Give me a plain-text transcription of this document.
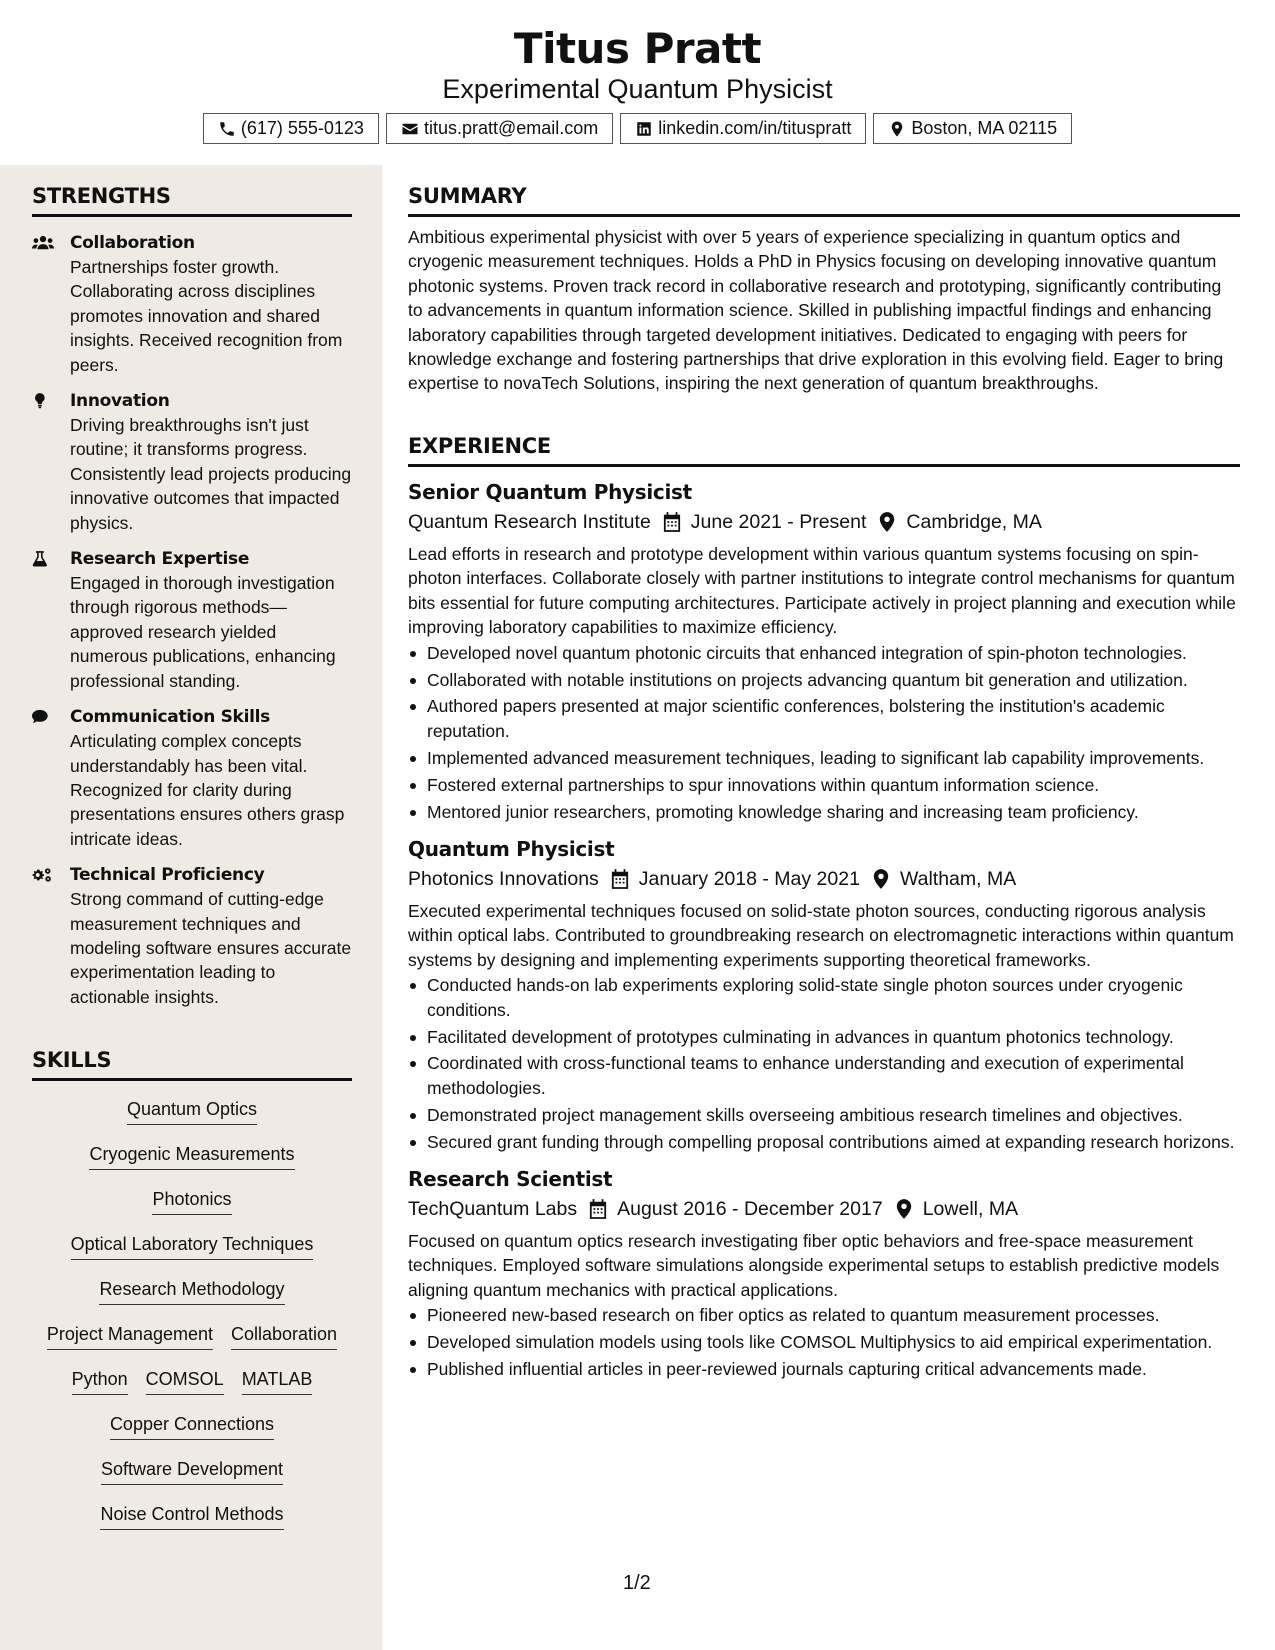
Titus Pratt
Experimental Quantum Physicist
(617) 555-0123	titus.pratt@email.com	linkedin.com/in/tituspratt	Boston, MA 02115
STRENGTHS
Collaboration
Partnerships foster growth. Collaborating across disciplines promotes innovation and shared insights. Received recognition from peers.
Innovation
Driving breakthroughs isn't just routine; it transforms progress. Consistently lead projects producing innovative outcomes that impacted physics.
Research Expertise
Engaged in thorough investigation through rigorous methods—approved research yielded numerous publications, enhancing professional standing.
Communication Skills
Articulating complex concepts understandably has been vital. Recognized for clarity during presentations ensures others grasp intricate ideas.
Technical Proficiency
Strong command of cutting-edge measurement techniques and modeling software ensures accurate experimentation leading to actionable insights.
SKILLS
Quantum Optics
Cryogenic Measurements
Photonics
Optical Laboratory Techniques
Research Methodology
Project Management Collaboration
Python COMSOL MATLAB
Copper Connections
Software Development
Noise Control Methods
SUMMARY

Ambitious experimental physicist with over 5 years of experience specializing in quantum optics and cryogenic measurement techniques. Holds a PhD in Physics focusing on developing innovative quantum photonic systems. Proven track record in collaborative research and prototyping, significantly contributing to advancements in quantum information science. Skilled in publishing impactful findings and enhancing laboratory capabilities through targeted development initiatives. Dedicated to engaging with peers for knowledge exchange and fostering partnerships that drive exploration in this evolving field. Eager to bring expertise to novaTech Solutions, inspiring the next generation of quantum breakthroughs.

EXPERIENCE
Senior Quantum Physicist
Quantum Research Institute June 2021 - Present Cambridge, MA
Lead efforts in research and prototype development within various quantum systems focusing on spin-photon interfaces. Collaborate closely with partner institutions to integrate control mechanisms for quantum bits essential for future computing architectures. Participate actively in project planning and execution while improving laboratory capabilities to maximize efficiency.
Developed novel quantum photonic circuits that enhanced integration of spin-photon technologies.
Collaborated with notable institutions on projects advancing quantum bit generation and utilization.
Authored papers presented at major scientific conferences, bolstering the institution's academic reputation.
Implemented advanced measurement techniques, leading to significant lab capability improvements.
Fostered external partnerships to spur innovations within quantum information science.
Mentored junior researchers, promoting knowledge sharing and increasing team proficiency.
Quantum Physicist
Photonics Innovations January 2018 - May 2021 Waltham, MA
Executed experimental techniques focused on solid-state photon sources, conducting rigorous analysis within optical labs. Contributed to groundbreaking research on electromagnetic interactions within quantum systems by designing and implementing experiments supporting theoretical frameworks.
Conducted hands-on lab experiments exploring solid-state single photon sources under cryogenic conditions.
Facilitated development of prototypes culminating in advances in quantum photonics technology.
Coordinated with cross-functional teams to enhance understanding and execution of experimental methodologies.
Demonstrated project management skills overseeing ambitious research timelines and objectives.
Secured grant funding through compelling proposal contributions aimed at expanding research horizons.
Research Scientist
TechQuantum Labs August 2016 - December 2017 Lowell, MA
Focused on quantum optics research investigating fiber optic behaviors and free-space measurement techniques. Employed software simulations alongside experimental setups to establish predictive models aligning quantum mechanics with practical applications.
Pioneered new-based research on fiber optics as related to quantum measurement processes.
Developed simulation models using tools like COMSOL Multiphysics to aid empirical experimentation.
Published influential articles in peer-reviewed journals capturing critical advancements made.
1/2
